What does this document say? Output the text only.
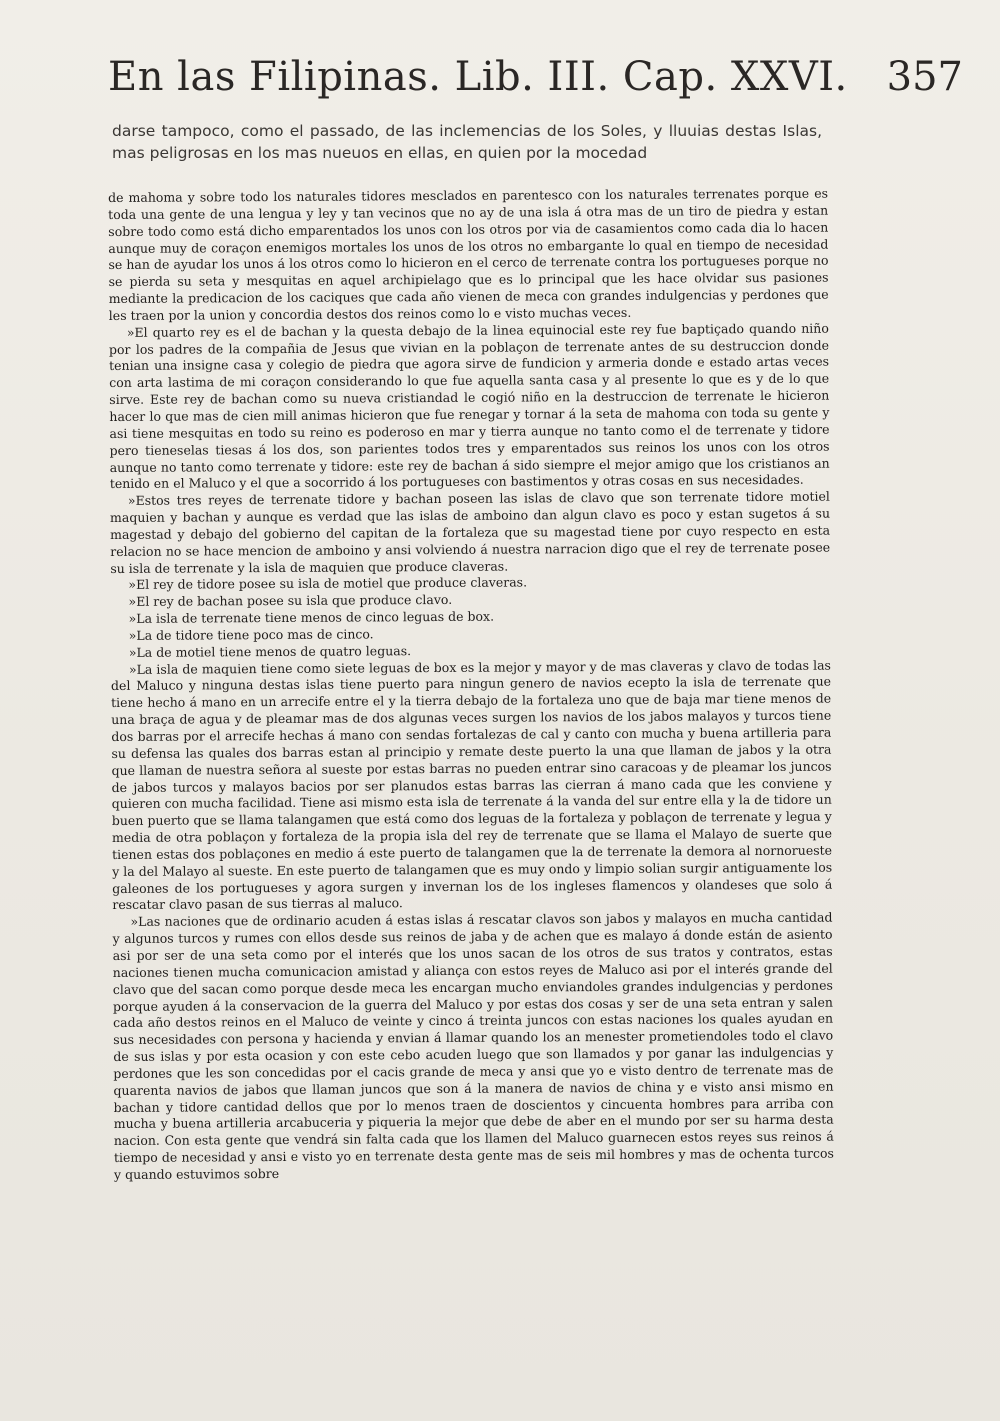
En las Filipinas. Lib. III. Cap. XXVI. 357

darse tampoco, como el passado, de las inclemencias de los Soles, y lluuias destas Islas, mas peligrosas en los mas nueuos en ellas, en quien por la mocedad

de mahoma y sobre todo los naturales tidores mesclados en parentesco con los naturales terrenates porque es toda una gente de una lengua y ley y tan vecinos que no ay de una isla á otra mas de un tiro de piedra y estan sobre todo como está dicho emparentados los unos con los otros por via de casamientos como cada dia lo hacen aunque muy de coraçon enemigos mortales los unos de los otros no embargante lo qual en tiempo de necesidad se han de ayudar los unos á los otros como lo hicieron en el cerco de terrenate contra los portugueses porque no se pierda su seta y mesquitas en aquel archipielago que es lo principal que les hace olvidar sus pasiones mediante la predicacion de los caciques que cada año vienen de meca con grandes indulgencias y perdones que les traen por la union y concordia destos dos reinos como lo e visto muchas veces.

»El quarto rey es el de bachan y la questa debajo de la linea equinocial este rey fue baptiçado quando niño por los padres de la compañia de Jesus que vivian en la poblaçon de terrenate antes de su destruccion donde tenian una insigne casa y colegio de piedra que agora sirve de fundicion y armeria donde e estado artas veces con arta lastima de mi coraçon considerando lo que fue aquella santa casa y al presente lo que es y de lo que sirve. Este rey de bachan como su nueva cristiandad le cogió niño en la destruccion de terrenate le hicieron hacer lo que mas de cien mill animas hicieron que fue renegar y tornar á la seta de mahoma con toda su gente y asi tiene mesquitas en todo su reino es poderoso en mar y tierra aunque no tanto como el de terrenate y tidore pero tieneselas tiesas á los dos, son parientes todos tres y emparentados sus reinos los unos con los otros aunque no tanto como terrenate y tidore: este rey de bachan á sido siempre el mejor amigo que los cristianos an tenido en el Maluco y el que a socorrido á los portugueses con bastimentos y otras cosas en sus necesidades.

»Estos tres reyes de terrenate tidore y bachan poseen las islas de clavo que son terrenate tidore motiel maquien y bachan y aunque es verdad que las islas de amboino dan algun clavo es poco y estan sugetos á su magestad y debajo del gobierno del capitan de la fortaleza que su magestad tiene por cuyo respecto en esta relacion no se hace mencion de amboino y ansi volviendo á nuestra narracion digo que el rey de terrenate posee su isla de terrenate y la isla de maquien que produce claveras.

»El rey de tidore posee su isla de motiel que produce claveras.

»El rey de bachan posee su isla que produce clavo.

»La isla de terrenate tiene menos de cinco leguas de box.

»La de tidore tiene poco mas de cinco.

»La de motiel tiene menos de quatro leguas.

»La isla de maquien tiene como siete leguas de box es la mejor y mayor y de mas claveras y clavo de todas las del Maluco y ninguna destas islas tiene puerto para ningun genero de navios ecepto la isla de terrenate que tiene hecho á mano en un arrecife entre el y la tierra debajo de la fortaleza uno que de baja mar tiene menos de una braça de agua y de pleamar mas de dos algunas veces surgen los navios de los jabos malayos y turcos tiene dos barras por el arrecife hechas á mano con sendas fortalezas de cal y canto con mucha y buena artilleria para su defensa las quales dos barras estan al principio y remate deste puerto la una que llaman de jabos y la otra que llaman de nuestra señora al sueste por estas barras no pueden entrar sino caracoas y de pleamar los juncos de jabos turcos y malayos bacios por ser planudos estas barras las cierran á mano cada que les conviene y quieren con mucha facilidad. Tiene asi mismo esta isla de terrenate á la vanda del sur entre ella y la de tidore un buen puerto que se llama talangamen que está como dos leguas de la fortaleza y poblaçon de terrenate y legua y media de otra poblaçon y fortaleza de la propia isla del rey de terrenate que se llama el Malayo de suerte que tienen estas dos poblaçones en medio á este puerto de talangamen que la de terrenate la demora al nornorueste y la del Malayo al sueste. En este puerto de talangamen que es muy ondo y limpio solian surgir antiguamente los galeones de los portugueses y agora surgen y invernan los de los ingleses flamencos y olandeses que solo á rescatar clavo pasan de sus tierras al maluco.

»Las naciones que de ordinario acuden á estas islas á rescatar clavos son jabos y malayos en mucha cantidad y algunos turcos y rumes con ellos desde sus reinos de jaba y de achen que es malayo á donde están de asiento asi por ser de una seta como por el interés que los unos sacan de los otros de sus tratos y contratos, estas naciones tienen mucha comunicacion amistad y aliança con estos reyes de Maluco asi por el interés grande del clavo que del sacan como porque desde meca les encargan mucho enviandoles grandes indulgencias y perdones porque ayuden á la conservacion de la guerra del Maluco y por estas dos cosas y ser de una seta entran y salen cada año destos reinos en el Maluco de veinte y cinco á treinta juncos con estas naciones los quales ayudan en sus necesidades con persona y hacienda y envian á llamar quando los an menester prometiendoles todo el clavo de sus islas y por esta ocasion y con este cebo acuden luego que son llamados y por ganar las indulgencias y perdones que les son concedidas por el cacis grande de meca y ansi que yo e visto dentro de terrenate mas de quarenta navios de jabos que llaman juncos que son á la manera de navios de china y e visto ansi mismo en bachan y tidore cantidad dellos que por lo menos traen de doscientos y cincuenta hombres para arriba con mucha y buena artilleria arcabuceria y piqueria la mejor que debe de aber en el mundo por ser su harma desta nacion. Con esta gente que vendrá sin falta cada que los llamen del Maluco guarnecen estos reyes sus reinos á tiempo de necesidad y ansi e visto yo en terrenate desta gente mas de seis mil hombres y mas de ochenta turcos y quando estuvimos sobre
